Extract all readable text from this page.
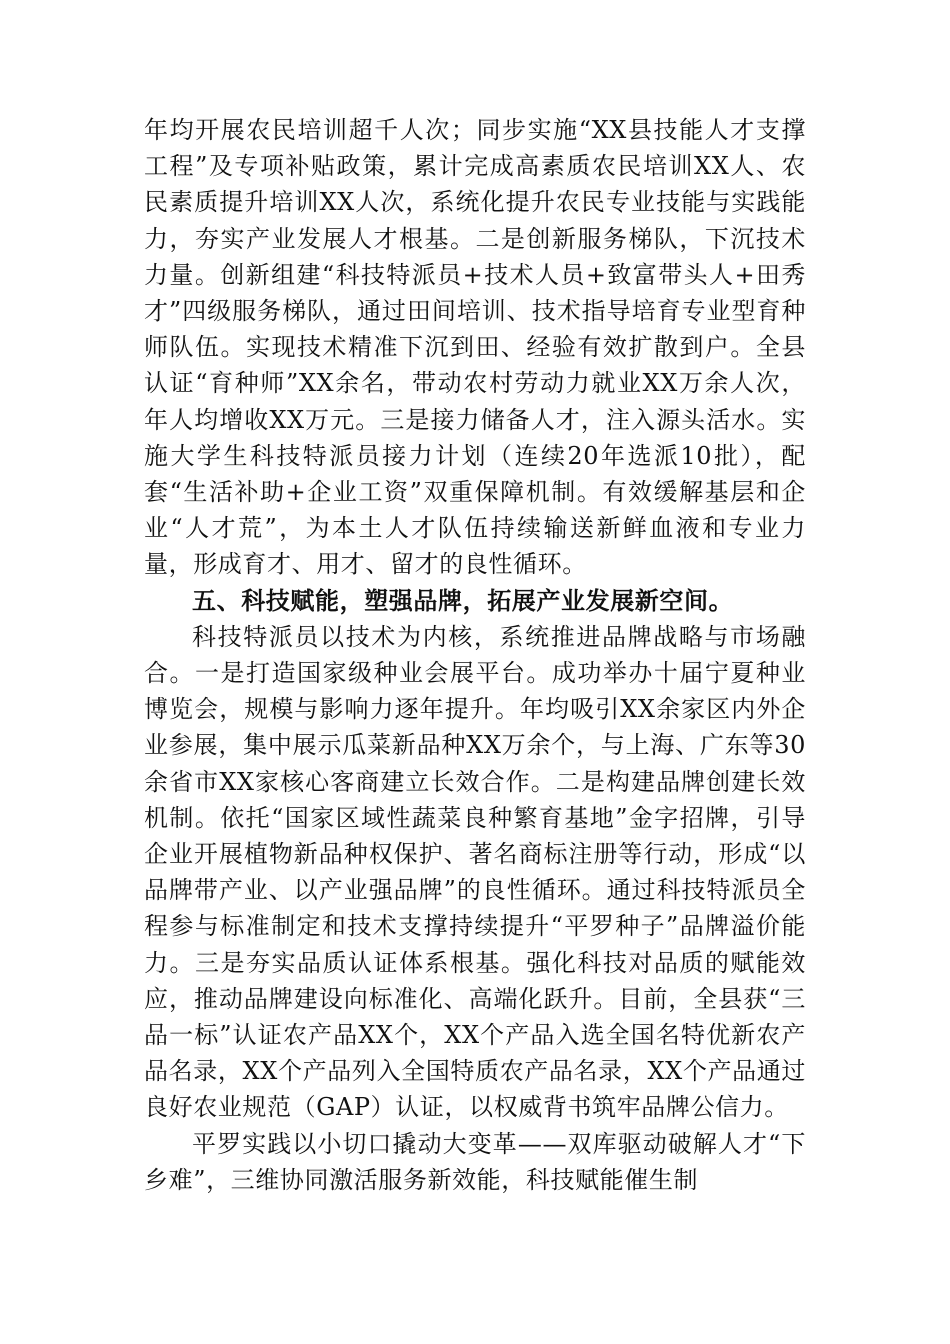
年均开展农民培训超千人次；同步实施“XX县技能人才支撑工程”及专项补贴政策，累计完成高素质农民培训XX人、农民素质提升培训XX人次，系统化提升农民专业技能与实践能力，夯实产业发展人才根基。二是创新服务梯队，下沉技术力量。创新组建“科技特派员+技术人员+致富带头人+田秀才”四级服务梯队，通过田间培训、技术指导培育专业型育种师队伍。实现技术精准下沉到田、经验有效扩散到户。全县认证“育种师”XX余名，带动农村劳动力就业XX万余人次，年人均增收XX万元。三是接力储备人才，注入源头活水。实施大学生科技特派员接力计划（连续20年选派10批），配套“生活补助+企业工资”双重保障机制。有效缓解基层和企业“人才荒”，为本土人才队伍持续输送新鲜血液和专业力量，形成育才、用才、留才的良性循环。

五、科技赋能，塑强品牌，拓展产业发展新空间。

科技特派员以技术为内核，系统推进品牌战略与市场融合。一是打造国家级种业会展平台。成功举办十届宁夏种业博览会，规模与影响力逐年提升。年均吸引XX余家区内外企业参展，集中展示瓜菜新品种XX万余个，与上海、广东等30余省市XX家核心客商建立长效合作。二是构建品牌创建长效机制。依托“国家区域性蔬菜良种繁育基地”金字招牌，引导企业开展植物新品种权保护、著名商标注册等行动，形成“以品牌带产业、以产业强品牌”的良性循环。通过科技特派员全程参与标准制定和技术支撑持续提升“平罗种子”品牌溢价能力。三是夯实品质认证体系根基。强化科技对品质的赋能效应，推动品牌建设向标准化、高端化跃升。目前，全县获“三品一标”认证农产品XX个，XX个产品入选全国名特优新农产品名录，XX个产品列入全国特质农产品名录，XX个产品通过良好农业规范（GAP）认证，以权威背书筑牢品牌公信力。

平罗实践以小切口撬动大变革——双库驱动破解人才“下乡难”，三维协同激活服务新效能，科技赋能催生制
